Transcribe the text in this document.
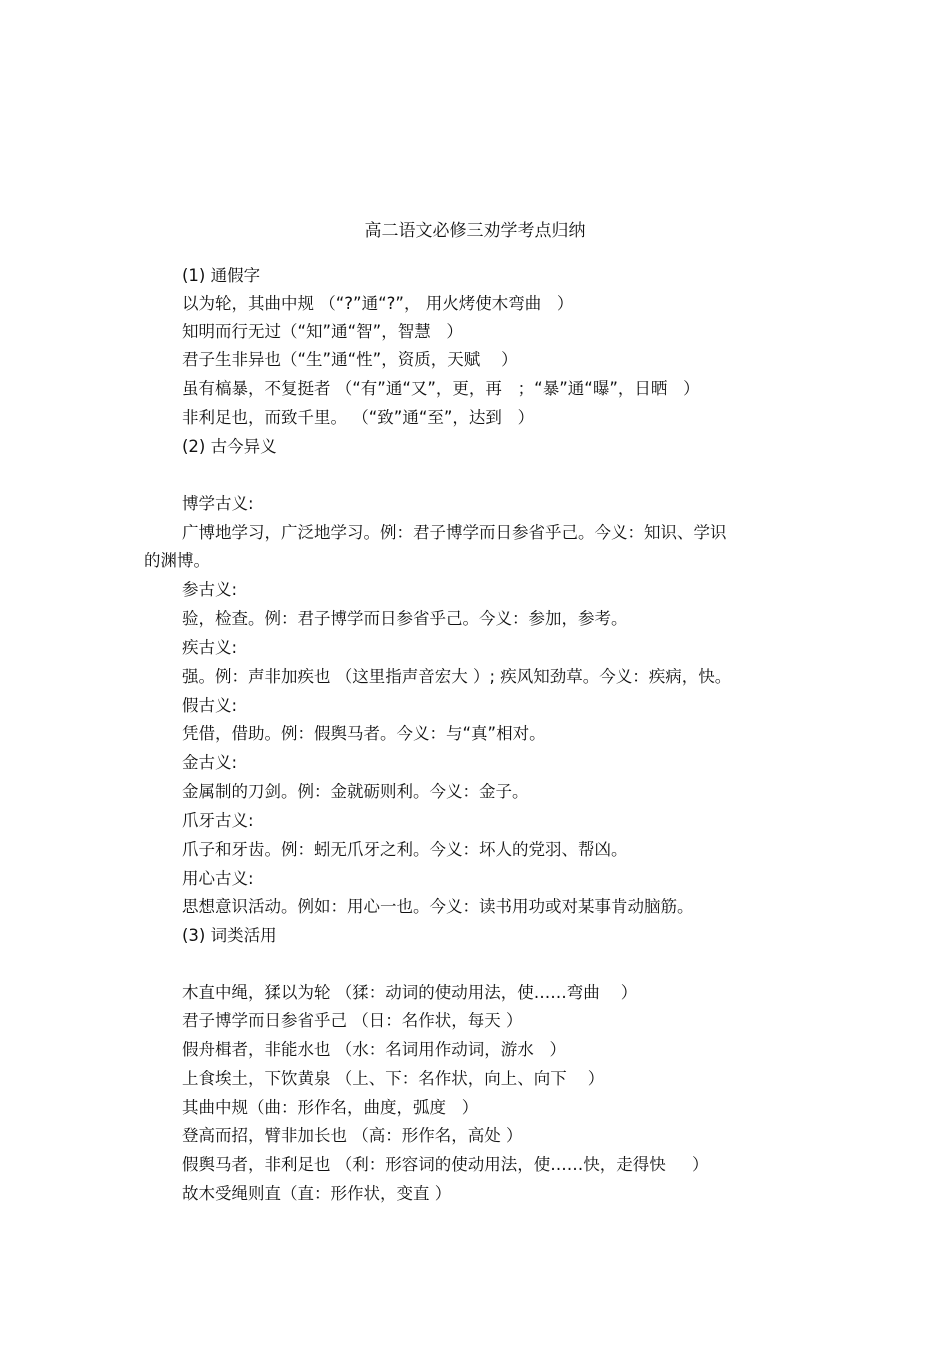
高二语文必修三劝学考点归纳

(1) 通假字

以为轮，其曲中规 （“?”通“?”， 用火烤使木弯曲   ）

知明而行无过（“知”通“智”，智慧   ）

君子生非异也（“生”通“性”，资质，天赋    ）

虽有槁暴，不复挺者 （“有”通“又”，更，再   ；“暴”通“曝”，日晒   ）

非利足也，而致千里。 （“致”通“至”，达到   ）

(2) 古今异义

博学古义:

广博地学习，广泛地学习。例：君子博学而日参省乎己。今义：知识、学识

的渊博。

参古义:

验，检查。例：君子博学而日参省乎己。今义：参加，参考。

疾古义:

强。例：声非加疾也 （这里指声音宏大 ）; 疾风知劲草。今义：疾病，快。

假古义:

凭借，借助。例：假舆马者。今义：与“真”相对。

金古义:

金属制的刀剑。例：金就砺则利。今义：金子。

爪牙古义:

爪子和牙齿。例：蚓无爪牙之利。今义：坏人的党羽、帮凶。

用心古义:

思想意识活动。例如：用心一也。今义：读书用功或对某事肯动脑筋。

(3) 词类活用

木直中绳，猱以为轮 （猱：动词的使动用法，使……弯曲    ）

君子博学而日参省乎己 （日：名作状，每天 ）

假舟楫者，非能水也 （水：名词用作动词，游水   ）

上食埃土，下饮黄泉 （上、下：名作状，向上、向下    ）

其曲中规（曲：形作名，曲度，弧度   ）

登高而招，臂非加长也 （高：形作名，高处 ）

假舆马者，非利足也 （利：形容词的使动用法，使……快，走得快     ）

故木受绳则直（直：形作状，变直 ）
